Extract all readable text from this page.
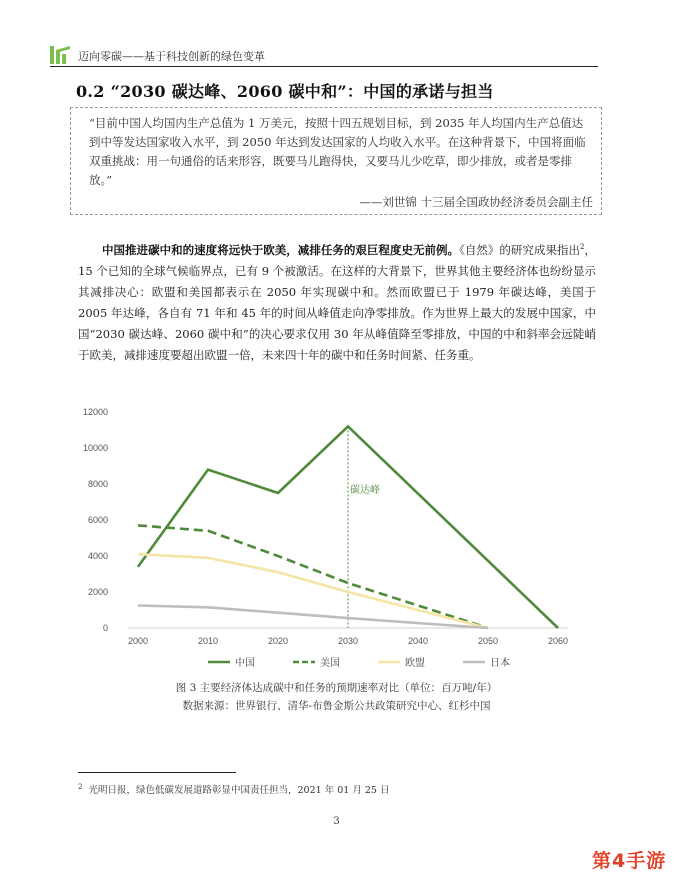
迈向零碳——基于科技创新的绿色变革
0.2 “2030 碳达峰、2060 碳中和”：中国的承诺与担当
“目前中国人均国内生产总值为 1 万美元，按照十四五规划目标，到 2035 年人均国内生产总值达到中等发达国家收入水平，到 2050 年达到发达国家的人均收入水平。在这种背景下，中国将面临双重挑战：用一句通俗的话来形容，既要马儿跑得快，又要马儿少吃草，即少排放，或者是零排放。”
——刘世锦 十三届全国政协经济委员会副主任
中国推进碳中和的速度将远快于欧美，减排任务的艰巨程度史无前例。《自然》的研究成果指出$^2$，15 个已知的全球气候临界点，已有 9 个被激活。在这样的大背景下，世界其他主要经济体也纷纷显示其减排决心：欧盟和美国都表示在 2050 年实现碳中和。然而欧盟已于 1979 年碳达峰，美国于 2005 年达峰，各自有 71 年和 45 年的时间从峰值走向净零排放。作为世界上最大的发展中国家，中国“2030 碳达峰、2060 碳中和”的决心要求仅用 30 年从峰值降至零排放，中国的中和斜率会远陡峭于欧美，减排速度要超出欧盟一倍，未来四十年的碳中和任务时间紧、任务重。
0
2000
4000
6000
8000
10000
12000
2000	2010	2020	2030	2040	2050	2060
碳达峰
中国	美国	欧盟	日本
图 3 主要经济体达成碳中和任务的预期速率对比（单位：百万吨/年）
数据来源：世界银行、清华-布鲁金斯公共政策研究中心、红杉中国
$^2$ 光明日报，绿色低碳发展道路彰显中国责任担当，2021 年 01 月 25 日
3
第4手游
